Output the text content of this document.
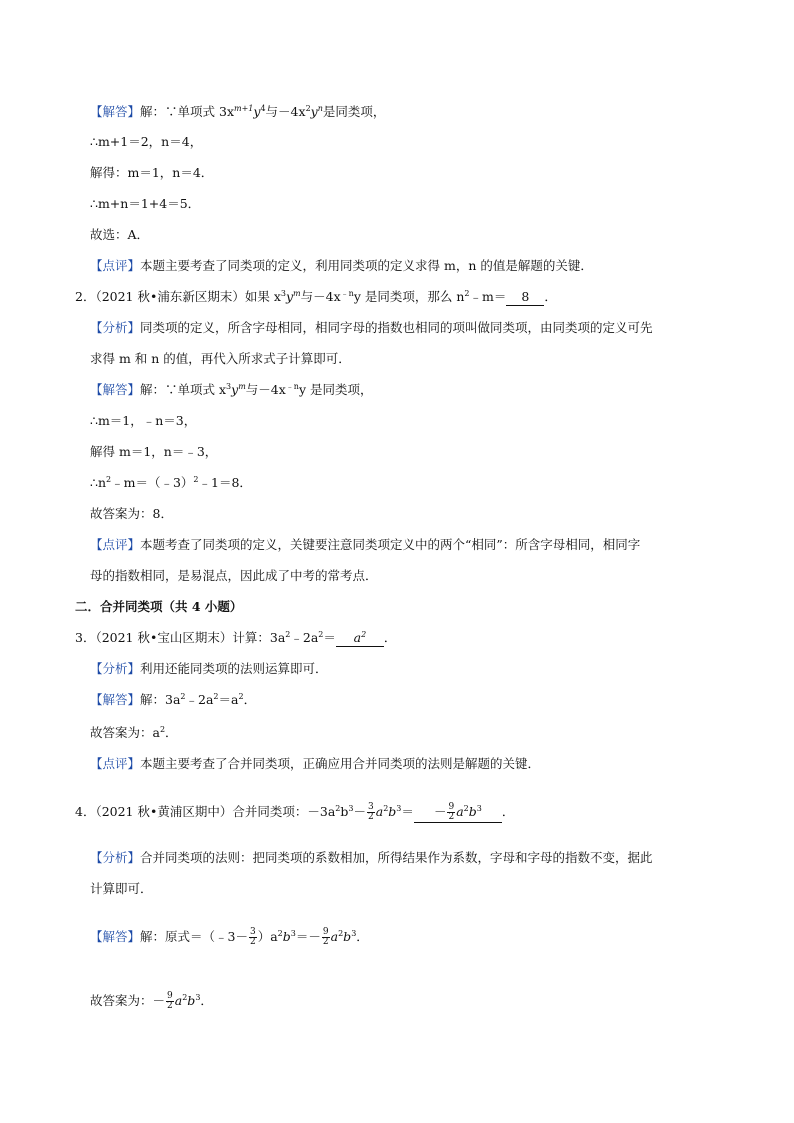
【解答】解：∵单项式 $3x^{m+1}y^4$与$-4x^2y^n$是同类项，
∴m+1＝2，n＝4，
解得：m＝1，n＝4．
∴m+n＝1+4＝5．
故选：A．
【点评】本题主要考查了同类项的定义，利用同类项的定义求得 m，n 的值是解题的关键．
2．（2021 秋•浦东新区期末）如果 $x^3y^m$与$-4x^{﹣n}y$ 是同类项，那么 $n^2﹣m= 8$ ．
【分析】同类项的定义，所含字母相同，相同字母的指数也相同的项叫做同类项，由同类项的定义可先
求得 m 和 n 的值，再代入所求式子计算即可．
【解答】解：∵单项式 $x^3y^m$与$-4x^{﹣n}y$ 是同类项，
∴m＝1，﹣n＝3，
解得 m＝1，n＝﹣3，
$\therefore n^2﹣m=(﹣3)^2﹣1=8$．
故答案为：8．
【点评】本题考查了同类项的定义，关键要注意同类项定义中的两个“相同”：所含字母相同，相同字
母的指数相同，是易混点，因此成了中考的常考点．
二．合并同类项（共 4 小题）
3．（2021 秋•宝山区期末）计算：$3a^2﹣2a^2= a^2$ ．
【分析】利用还能同类项的法则运算即可．
【解答】解：$3a^2﹣2a^2=a^2$．
故答案为：$a^2$．
【点评】本题主要考查了合并同类项，正确应用合并同类项的法则是解题的关键．
4．（2021 秋•黄浦区期中）合并同类项：$-3a^2b^3- \frac{3}{2} a^2b^3= - \frac{9}{2} a^2b^3$ ．
【分析】合并同类项的法则：把同类项的系数相加，所得结果作为系数，字母和字母的指数不变，据此
计算即可．
【解答】解：原式＝（﹣3－ $\frac{3}{2} )a^2b^3=- \frac{9}{2} a^2b^3$．
故答案为：－ $\frac{9}{2} a^2b^3$．
